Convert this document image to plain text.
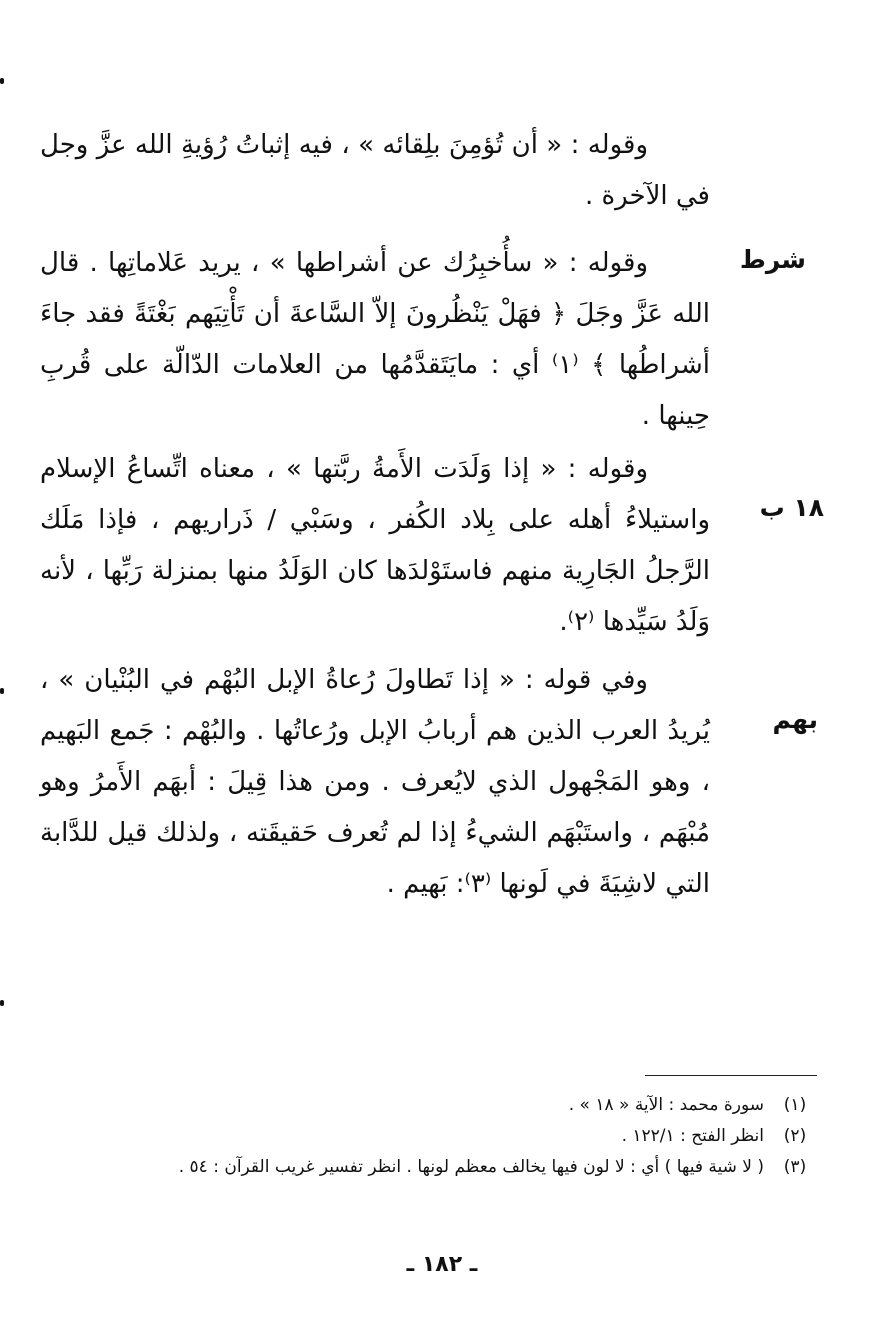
وقوله : « أن تُؤمِنَ بلِقائه » ، فيه إثباتُ رُؤيةِ الله عزَّ وجل في الآخرة .

شرط

وقوله : « سأُخبِرُك عن أشراطها » ، يريد عَلاماتِها . قال الله عَزَّ وجَلَ ﴿ فهَلْ يَنْظُرونَ إلاّ السَّاعةَ أن تَأْتِيَهم بَغْتَةً فقد جاءَ أشراطُها ﴾ ⁽١⁾ أي : مايَتَقدَّمُها من العلامات الدّالّة على قُربِ حِينها .

١٨ ب

وقوله : « إذا وَلَدَت الأَمةُ ربَّتها » ، معناه اتِّساعُ الإسلام واستيلاءُ أهله على بِلاد الكُفر ، وسَبْي / ذَراريهم ، فإذا مَلَك الرَّجلُ الجَارِية منهم فاستَوْلدَها كان الوَلَدُ منها بمنزلة رَبِّها ، لأنه وَلَدُ سَيِّدها ⁽٢⁾.

بهم

وفي قوله : « إذا تَطاولَ رُعاةُ الإبل البُهْم في البُنْيان » ، يُريدُ العرب الذين هم أربابُ الإبل ورُعاتُها . والبُهْم : جَمع البَهيم ، وهو المَجْهول الذي لايُعرف . ومن هذا قِيلَ : أبهَم الأَمرُ وهو مُبْهَم ، واستَبْهَم الشيءُ إذا لم تُعرف حَقيقَته ، ولذلك قيل للدَّابة التي لاشِيَةَ في لَونها ⁽٣⁾: بَهيم .

(١)
سورة محمد : الآية « ١٨ » .
(٢)
انظر الفتح : ١٢٢/١ .
(٣)
( لا شية فيها ) أي : لا لون فيها يخالف معظم لونها . انظر تفسير غريب القرآن : ٥٤ .
ـ ١٨٢ ـ
